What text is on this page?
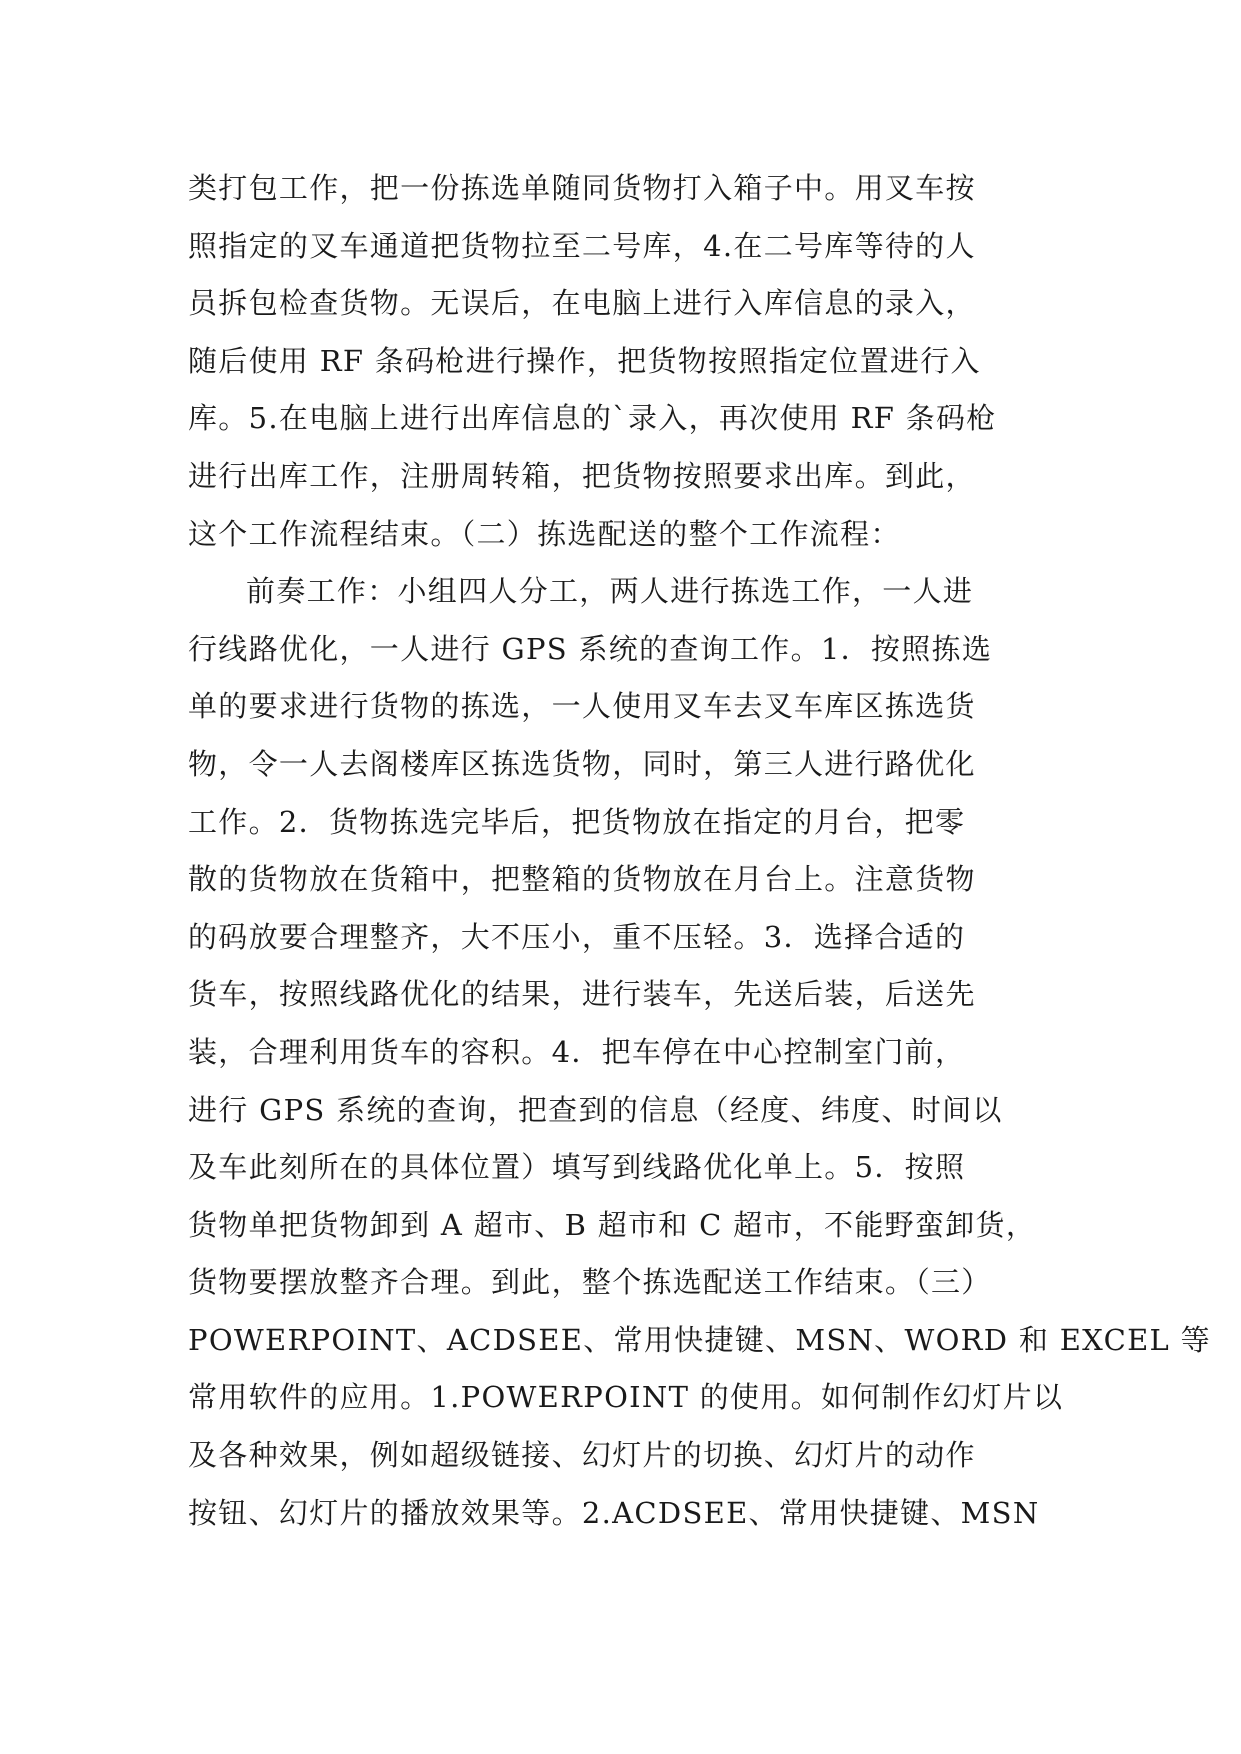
类打包工作，把一份拣选单随同货物打入箱子中。用叉车按
照指定的叉车通道把货物拉至二号库，4.在二号库等待的人
员拆包检查货物。无误后，在电脑上进行入库信息的录入，
随后使用 RF 条码枪进行操作，把货物按照指定位置进行入
库。5.在电脑上进行出库信息的`录入，再次使用 RF 条码枪
进行出库工作，注册周转箱，把货物按照要求出库。到此，
这个工作流程结束。（二）拣选配送的整个工作流程：
前奏工作：小组四人分工，两人进行拣选工作，一人进
行线路优化，一人进行 GPS 系统的查询工作。1．按照拣选
单的要求进行货物的拣选，一人使用叉车去叉车库区拣选货
物，令一人去阁楼库区拣选货物，同时，第三人进行路优化
工作。2．货物拣选完毕后，把货物放在指定的月台，把零
散的货物放在货箱中，把整箱的货物放在月台上。注意货物
的码放要合理整齐，大不压小，重不压轻。3．选择合适的
货车，按照线路优化的结果，进行装车，先送后装，后送先
装，合理利用货车的容积。4．把车停在中心控制室门前，
进行 GPS 系统的查询，把查到的信息（经度、纬度、时间以
及车此刻所在的具体位置）填写到线路优化单上。5．按照
货物单把货物卸到 A 超市、B 超市和 C 超市，不能野蛮卸货，
货物要摆放整齐合理。到此，整个拣选配送工作结束。（三）
POWERPOINT、ACDSEE、常用快捷键、MSN、WORD 和 EXCEL 等
常用软件的应用。1.POWERPOINT 的使用。如何制作幻灯片以
及各种效果，例如超级链接、幻灯片的切换、幻灯片的动作
按钮、幻灯片的播放效果等。2.ACDSEE、常用快捷键、MSN
